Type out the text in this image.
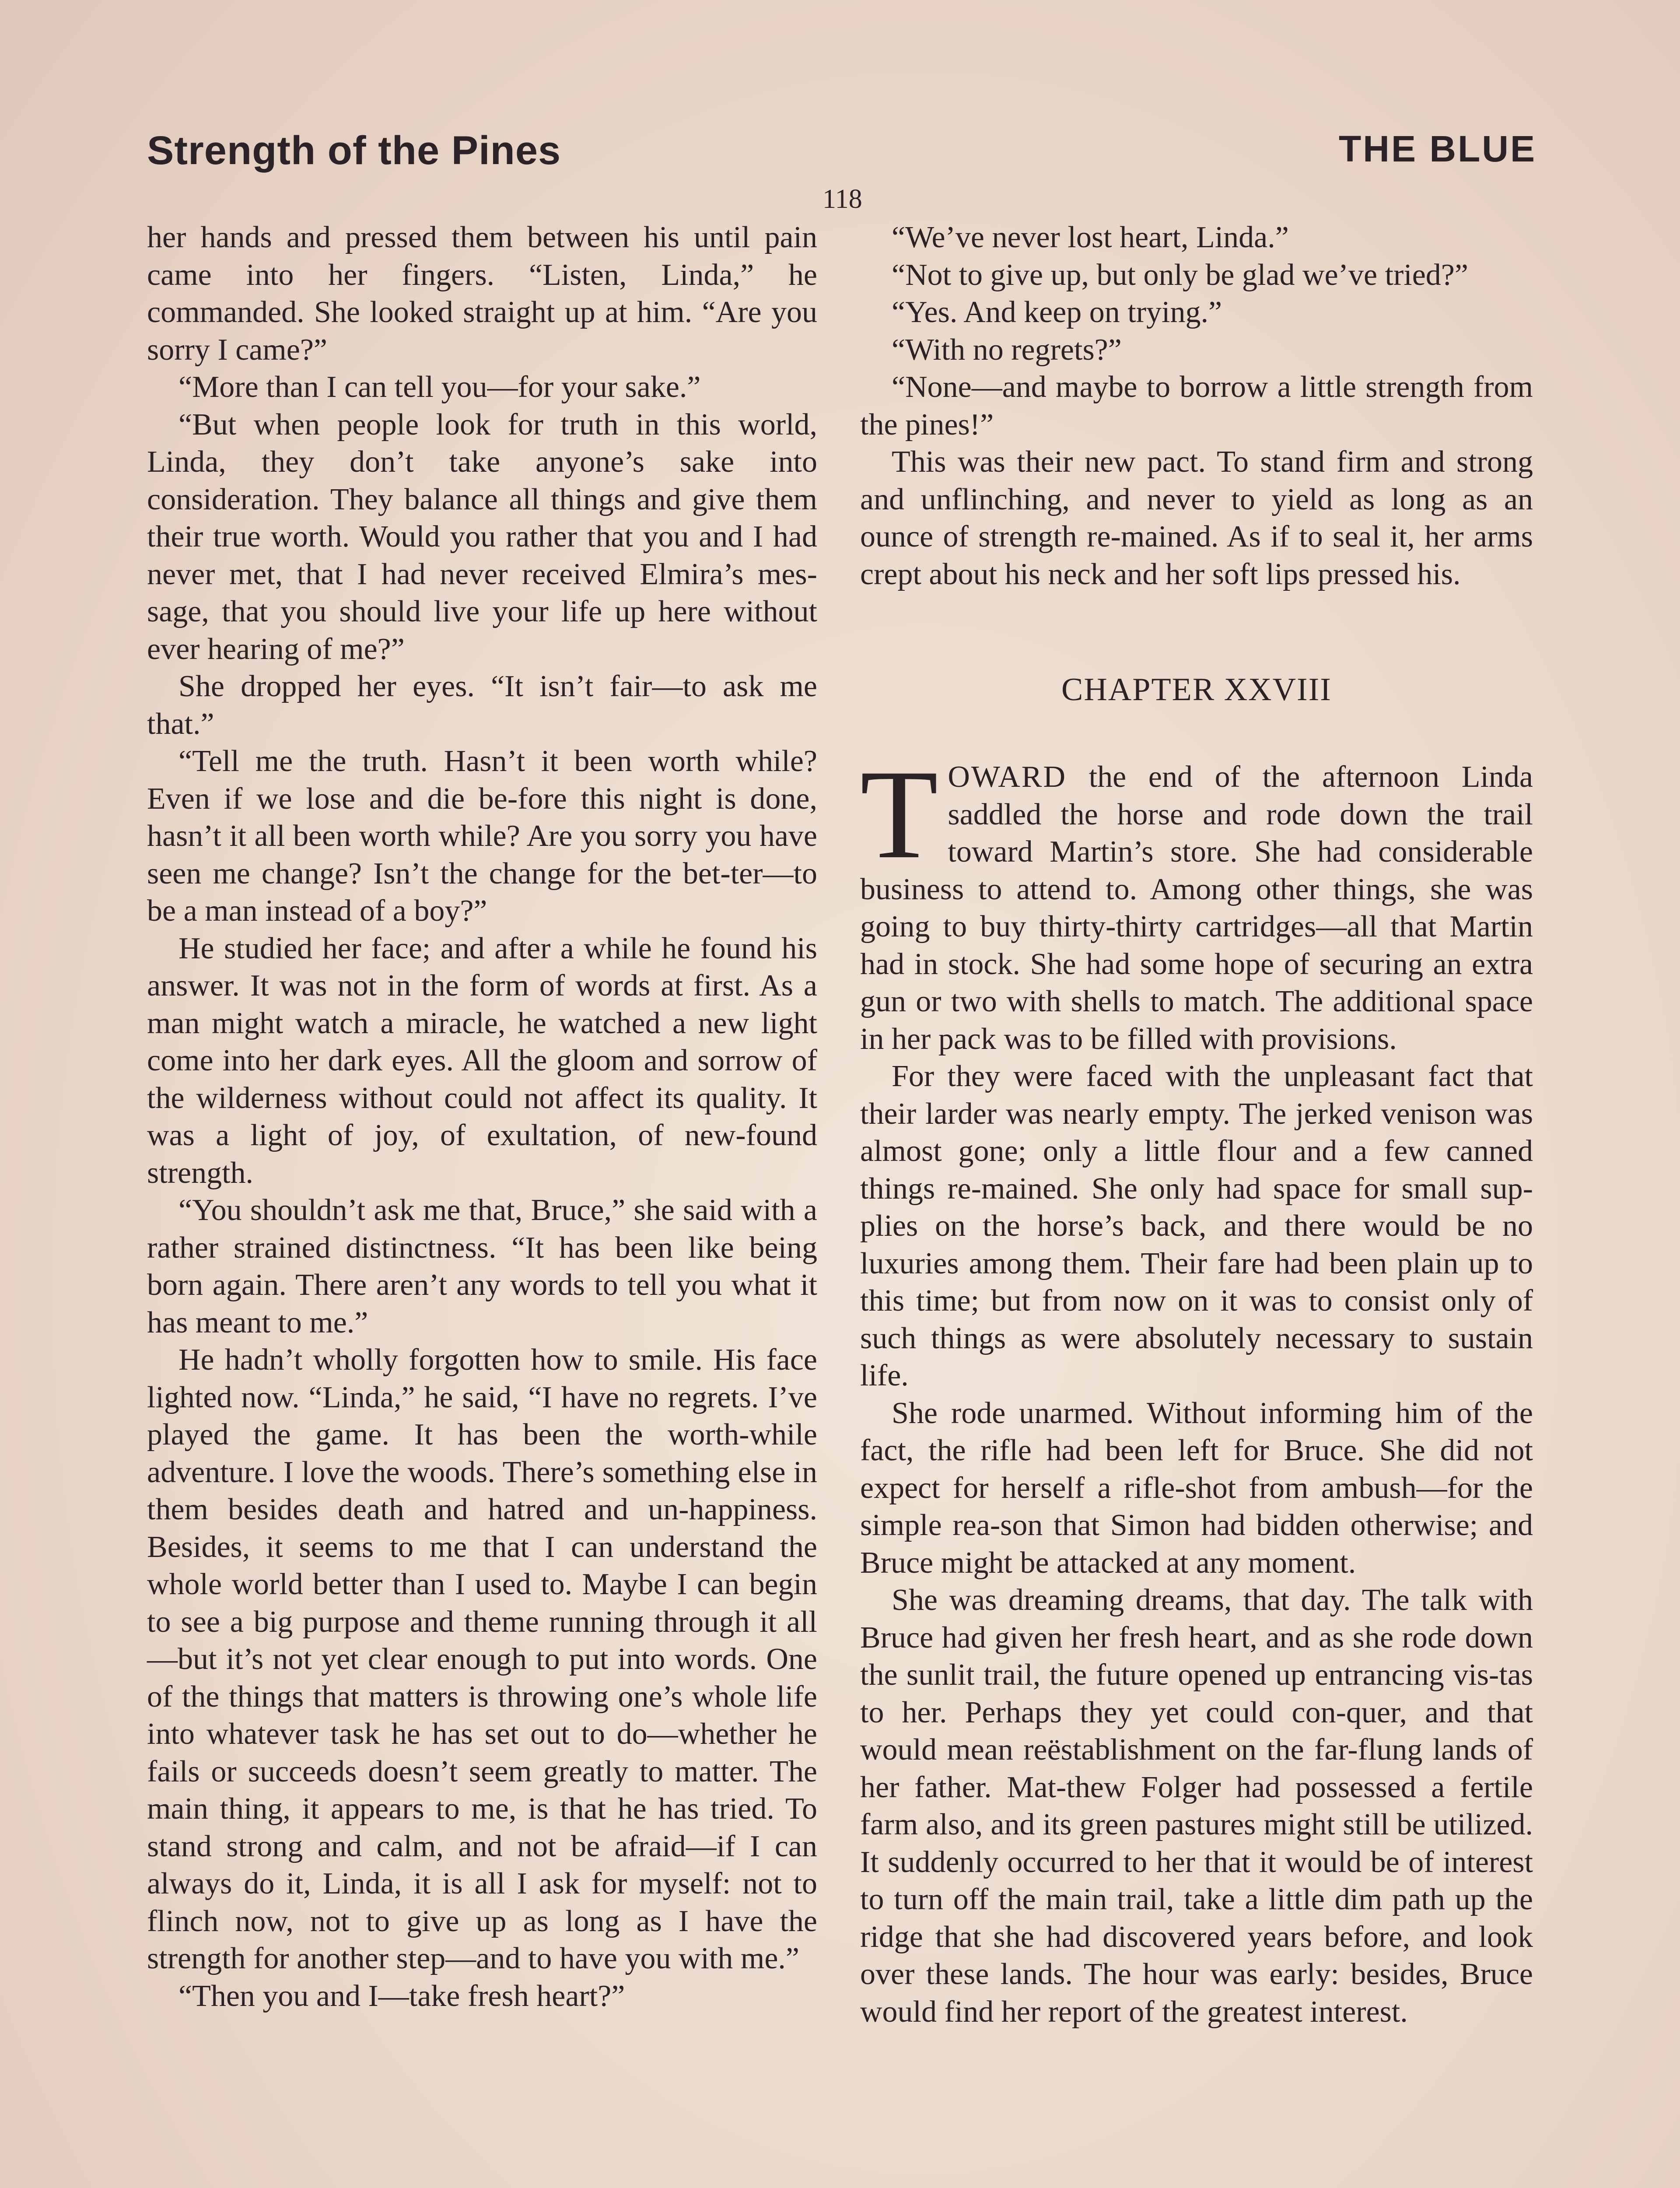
Strength of the Pines	THE BLUE
118

her hands and pressed them between his until pain came into her fingers. “Listen, Linda,” he commanded. She looked straight up at him. “Are you sorry I came?”

“More than I can tell you—for your sake.”

“But when people look for truth in this world, Linda, they don’t take anyone’s sake into consideration. They balance all things and give them their true worth. Would you rather that you and I had never met, that I had never received Elmira’s mes-sage, that you should live your life up here without ever hearing of me?”

She dropped her eyes. “It isn’t fair—to ask me that.”

“Tell me the truth. Hasn’t it been worth while? Even if we lose and die be-fore this night is done, hasn’t it all been worth while? Are you sorry you have seen me change? Isn’t the change for the bet-ter—to be a man instead of a boy?”

He studied her face; and after a while he found his answer. It was not in the form of words at first. As a man might watch a miracle, he watched a new light come into her dark eyes. All the gloom and sorrow of the wilderness without could not affect its quality. It was a light of joy, of exultation, of new-found strength.

“You shouldn’t ask me that, Bruce,” she said with a rather strained distinctness. “It has been like being born again. There aren’t any words to tell you what it has meant to me.”

He hadn’t wholly forgotten how to smile. His face lighted now. “Linda,” he said, “I have no regrets. I’ve played the game. It has been the worth-while adventure. I love the woods. There’s something else in them besides death and hatred and un-happiness. Besides, it seems to me that I can understand the whole world better than I used to. Maybe I can begin to see a big purpose and theme running through it all—but it’s not yet clear enough to put into words. One of the things that matters is throwing one’s whole life into whatever task he has set out to do—whether he fails or succeeds doesn’t seem greatly to matter. The main thing, it appears to me, is that he has tried. To stand strong and calm, and not be afraid—if I can always do it, Linda, it is all I ask for myself: not to flinch now, not to give up as long as I have the strength for another step—and to have you with me.”

“Then you and I—take fresh heart?”

“We’ve never lost heart, Linda.”

“Not to give up, but only be glad we’ve tried?”

“Yes. And keep on trying.”

“With no regrets?”

“None—and maybe to borrow a little strength from the pines!”

This was their new pact. To stand firm and strong and unflinching, and never to yield as long as an ounce of strength re-mained. As if to seal it, her arms crept about his neck and her soft lips pressed his.

CHAPTER XXVIII

TOWARD the end of the afternoon Linda saddled the horse and rode down the trail toward Martin’s store. She had considerable business to attend to. Among other things, she was going to buy thirty-thirty cartridges—all that Martin had in stock. She had some hope of securing an extra gun or two with shells to match. The additional space in her pack was to be filled with provisions.

For they were faced with the unpleasant fact that their larder was nearly empty. The jerked venison was almost gone; only a little flour and a few canned things re-mained. She only had space for small sup-plies on the horse’s back, and there would be no luxuries among them. Their fare had been plain up to this time; but from now on it was to consist only of such things as were absolutely necessary to sustain life.

She rode unarmed. Without informing him of the fact, the rifle had been left for Bruce. She did not expect for herself a rifle-shot from ambush—for the simple rea-son that Simon had bidden otherwise; and Bruce might be attacked at any moment.

She was dreaming dreams, that day. The talk with Bruce had given her fresh heart, and as she rode down the sunlit trail, the future opened up entrancing vis-tas to her. Perhaps they yet could con-quer, and that would mean reëstablishment on the far-flung lands of her father. Mat-thew Folger had possessed a fertile farm also, and its green pastures might still be utilized. It suddenly occurred to her that it would be of interest to turn off the main trail, take a little dim path up the ridge that she had discovered years before, and look over these lands. The hour was early: besides, Bruce would find her report of the greatest interest.
